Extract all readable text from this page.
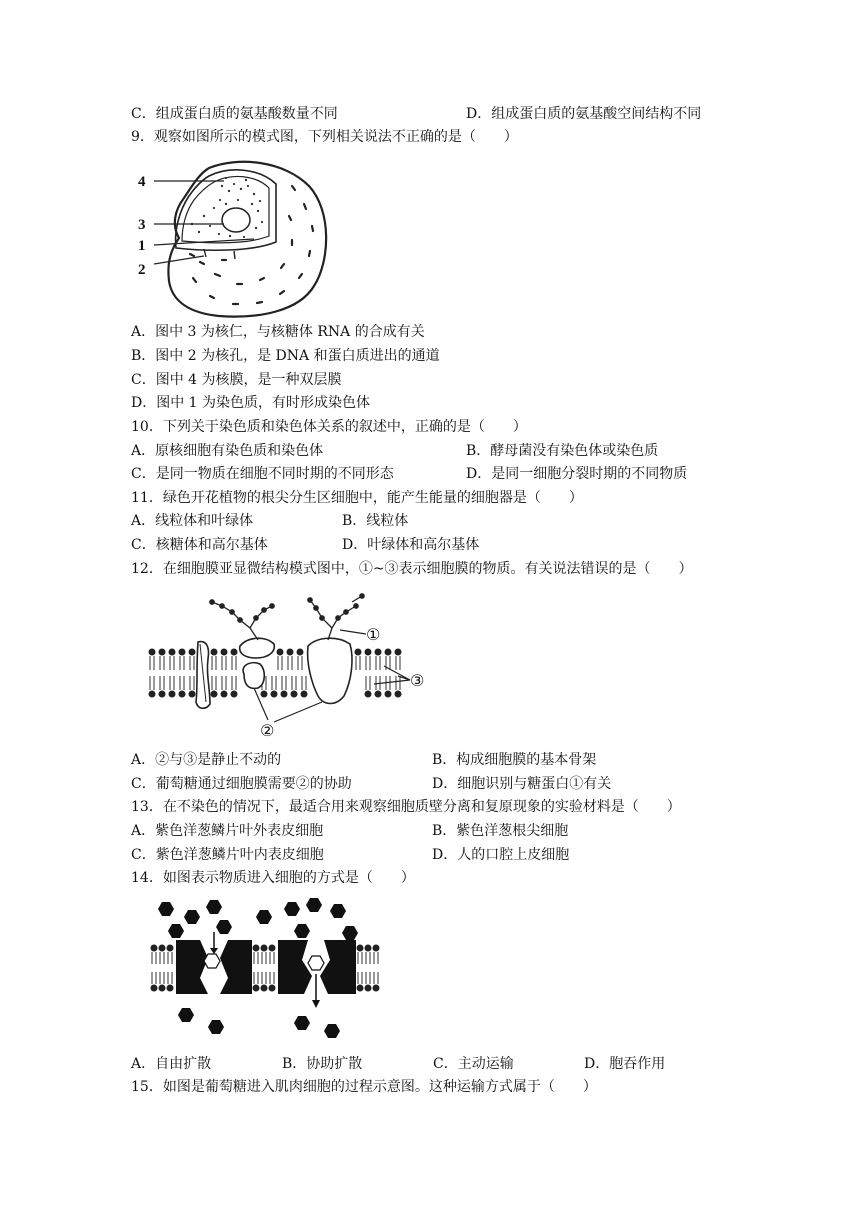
C．组成蛋白质的氨基酸数量不同	D．组成蛋白质的氨基酸空间结构不同
9．观察如图所示的模式图，下列相关说法不正确的是（　　）
4
3
1
2
A．图中 3 为核仁，与核糖体 RNA 的合成有关
B．图中 2 为核孔，是 DNA 和蛋白质进出的通道
C．图中 4 为核膜，是一种双层膜
D．图中 1 为染色质，有时形成染色体
10．下列关于染色质和染色体关系的叙述中，正确的是（　　）
A．原核细胞有染色质和染色体	B．酵母菌没有染色体或染色质
C．是同一物质在细胞不同时期的不同形态	D．是同一细胞分裂时期的不同物质
11．绿色开花植物的根尖分生区细胞中，能产生能量的细胞器是（　　）
A．线粒体和叶绿体	B．线粒体
C．核糖体和高尔基体	D．叶绿体和高尔基体
12．在细胞膜亚显微结构模式图中，①~③表示细胞膜的物质。有关说法错误的是（　　）
①
③
②
A．②与③是静止不动的	B．构成细胞膜的基本骨架
C．葡萄糖通过细胞膜需要②的协助	D．细胞识别与糖蛋白①有关
13．在不染色的情况下，最适合用来观察细胞质壁分离和复原现象的实验材料是（　　）
A．紫色洋葱鳞片叶外表皮细胞	B．紫色洋葱根尖细胞
C．紫色洋葱鳞片叶内表皮细胞	D．人的口腔上皮细胞
14．如图表示物质进入细胞的方式是（　　）
A．自由扩散	B．协助扩散	C．主动运输	D．胞吞作用
15．如图是葡萄糖进入肌肉细胞的过程示意图。这种运输方式属于（　　）
